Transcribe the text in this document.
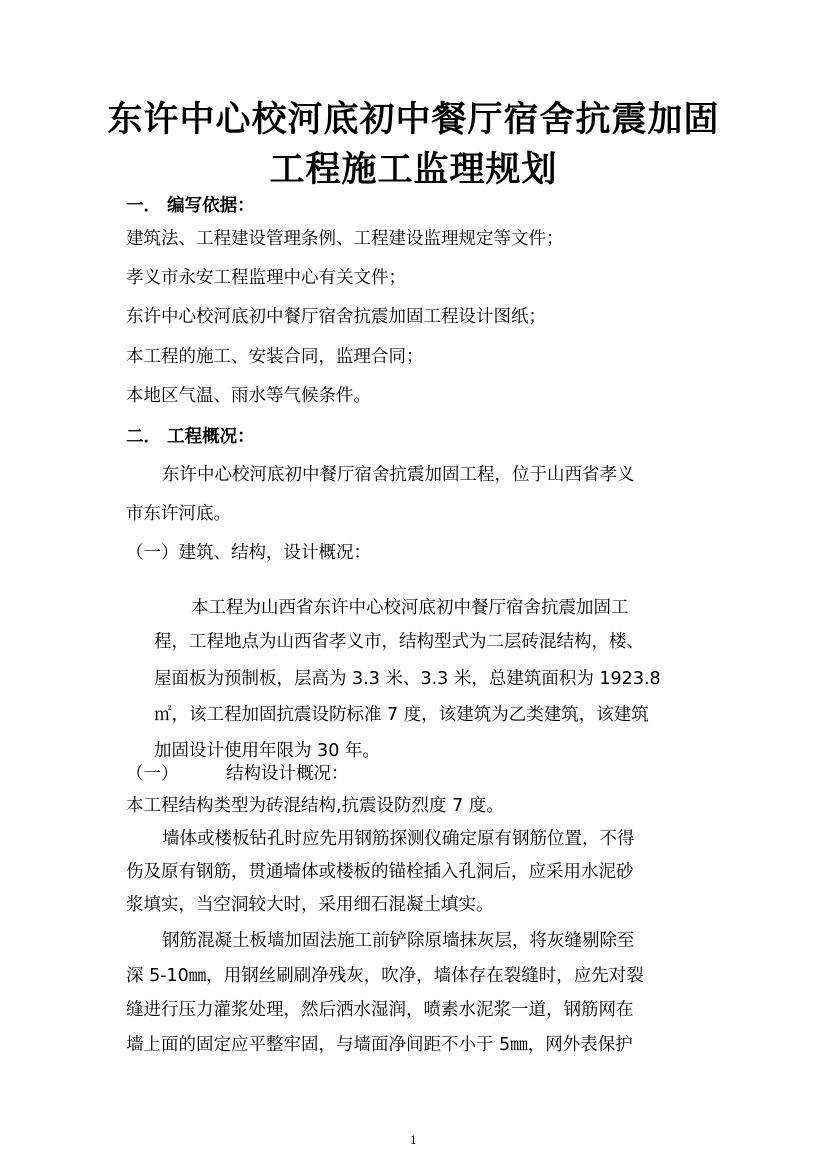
东许中心校河底初中餐厅宿舍抗震加固
工程施工监理规划
一． 编写依据：
建筑法、工程建设管理条例、工程建设监理规定等文件；
孝义市永安工程监理中心有关文件；
东许中心校河底初中餐厅宿舍抗震加固工程设计图纸；
本工程的施工、安装合同，监理合同；
本地区气温、雨水等气候条件。
二． 工程概况：
东许中心校河底初中餐厅宿舍抗震加固工程，位于山西省孝义
市东许河底。
（一）建筑、结构，设计概况：
本工程为山西省东许中心校河底初中餐厅宿舍抗震加固工
程，工程地点为山西省孝义市，结构型式为二层砖混结构，楼、
屋面板为预制板，层高为 3.3 米、3.3 米，总建筑面积为 1923.8
㎡，该工程加固抗震设防标准 7 度，该建筑为乙类建筑，该建筑
加固设计使用年限为 30 年。
（一）	结构设计概况：
本工程结构类型为砖混结构,抗震设防烈度 7 度。
墙体或楼板钻孔时应先用钢筋探测仪确定原有钢筋位置，不得
伤及原有钢筋，贯通墙体或楼板的锚栓插入孔洞后，应采用水泥砂
浆填实，当空洞较大时，采用细石混凝土填实。
钢筋混凝土板墙加固法施工前铲除原墙抹灰层，将灰缝剔除至
深 5-10㎜，用钢丝刷刷净残灰，吹净，墙体存在裂缝时，应先对裂
缝进行压力灌浆处理，然后洒水湿润，喷素水泥浆一道，钢筋网在
墙上面的固定应平整牢固，与墙面净间距不小于 5㎜，网外表保护
1
